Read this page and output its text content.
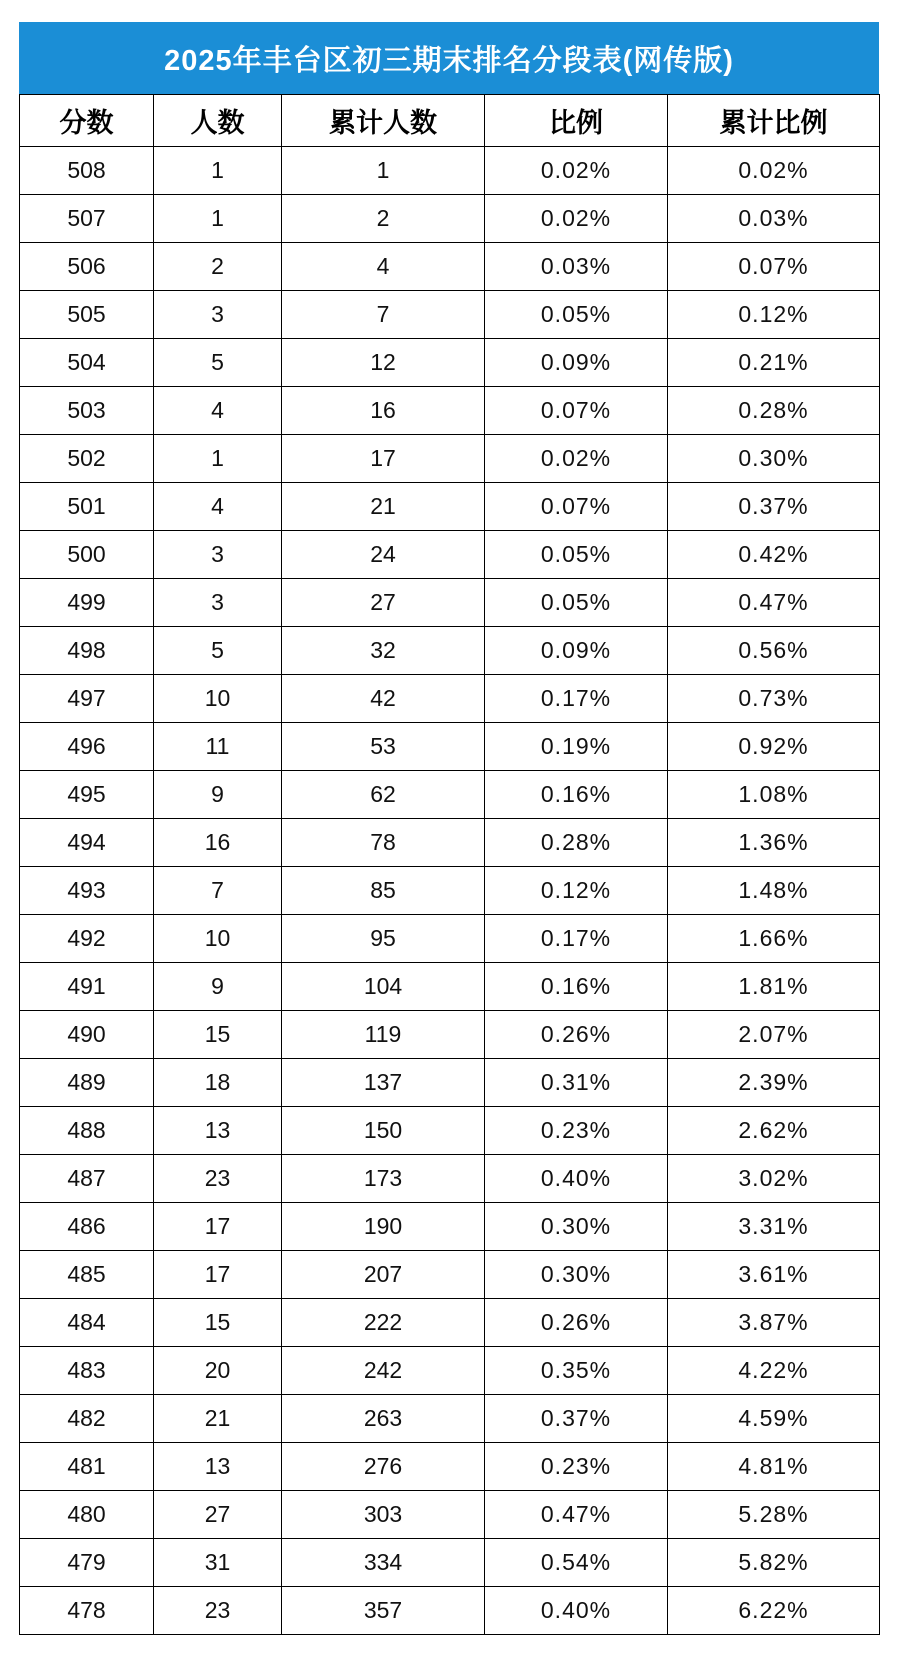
2025年丰台区初三期末排名分段表(网传版)
分数	人数	累计人数	比例	累计比例
508	1	1	0.02%	0.02%
507	1	2	0.02%	0.03%
506	2	4	0.03%	0.07%
505	3	7	0.05%	0.12%
504	5	12	0.09%	0.21%
503	4	16	0.07%	0.28%
502	1	17	0.02%	0.30%
501	4	21	0.07%	0.37%
500	3	24	0.05%	0.42%
499	3	27	0.05%	0.47%
498	5	32	0.09%	0.56%
497	10	42	0.17%	0.73%
496	11	53	0.19%	0.92%
495	9	62	0.16%	1.08%
494	16	78	0.28%	1.36%
493	7	85	0.12%	1.48%
492	10	95	0.17%	1.66%
491	9	104	0.16%	1.81%
490	15	119	0.26%	2.07%
489	18	137	0.31%	2.39%
488	13	150	0.23%	2.62%
487	23	173	0.40%	3.02%
486	17	190	0.30%	3.31%
485	17	207	0.30%	3.61%
484	15	222	0.26%	3.87%
483	20	242	0.35%	4.22%
482	21	263	0.37%	4.59%
481	13	276	0.23%	4.81%
480	27	303	0.47%	5.28%
479	31	334	0.54%	5.82%
478	23	357	0.40%	6.22%
